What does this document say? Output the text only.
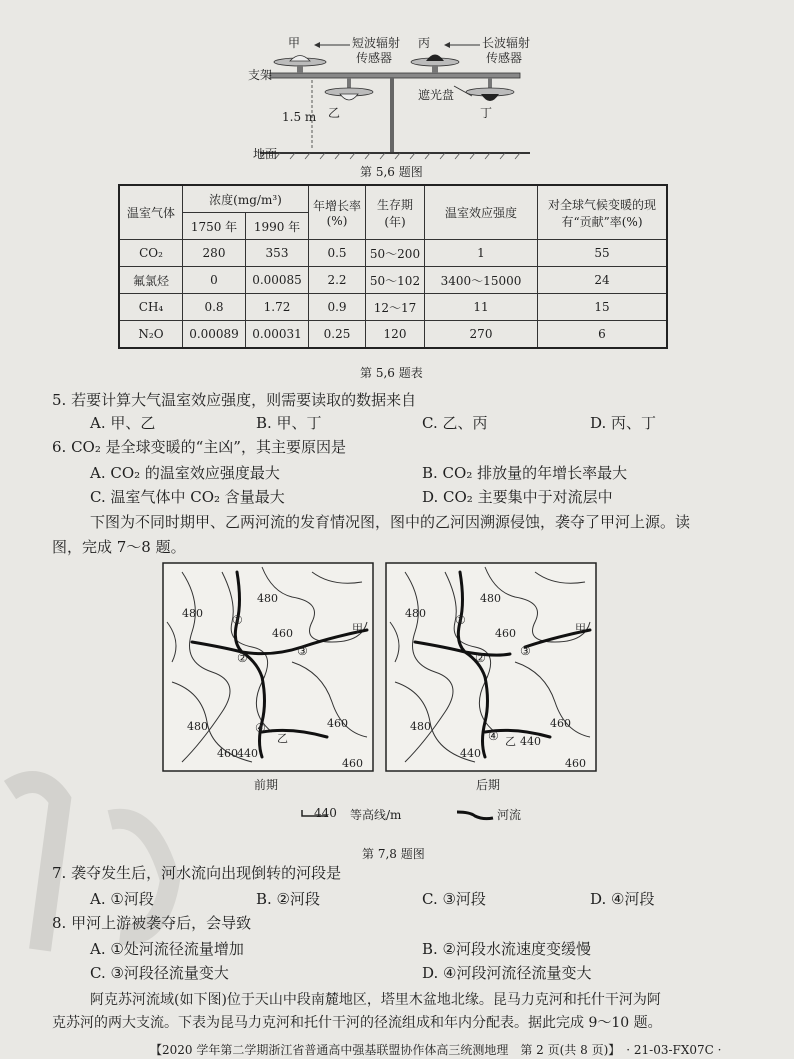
甲	短波辐射
传感器
丙	长波辐射
传感器
支架
乙
遮光盘
丁
1.5 m
地面
第 5,6 题图
温室气体	浓度(mg/m³)		年增长率(%)	生存期(年)	温室效应强度	对全球气候变暖的现有“贡献”率(%)
	1750 年	1990 年				
CO₂	280	353	0.5	50～200	1	55
氟氯烃	0	0.00085	2.2	50～102	3400～15000	24
CH₄	0.8	1.72	0.9	12～17	11	15
N₂O	0.00089	0.00031	0.25	120	270	6
第 5,6 题表
5. 若要计算大气温室效应强度，则需要读取的数据来自
A. 甲、乙	B. 甲、丁	C. 乙、丙	D. 丙、丁
6. CO₂ 是全球变暖的“主凶”，其主要原因是
A. CO₂ 的温室效应强度最大	B. CO₂ 排放量的年增长率最大
C. 温室气体中 CO₂ 含量最大	D. CO₂ 主要集中于对流层中
下图为不同时期甲、乙两河流的发育情况图，图中的乙河因溯源侵蚀，袭夺了甲河上源。读
图，完成 7～8 题。
480
480
460
480	460
440
460
460
甲
乙
①
②	③
④
前期
480
480
460
480	460
440
440
460
甲
乙
①
②	③
④
后期
440 等高线/m	河流
第 7,8 题图
7. 袭夺发生后，河水流向出现倒转的河段是
A. ①河段	B. ②河段	C. ③河段	D. ④河段
8. 甲河上游被袭夺后，会导致
A. ①处河流径流量增加	B. ②河段水流速度变缓慢
C. ③河段径流量变大	D. ④河段河流径流量变大
阿克苏河流域(如下图)位于天山中段南麓地区，塔里木盆地北缘。昆马力克河和托什干河为阿
克苏河的两大支流。下表为昆马力克河和托什干河的径流组成和年内分配表。据此完成 9～10 题。
【2020 学年第二学期浙江省普通高中强基联盟协作体高三统测地理　第 2 页(共 8 页)】　· 21-03-FX07C ·
